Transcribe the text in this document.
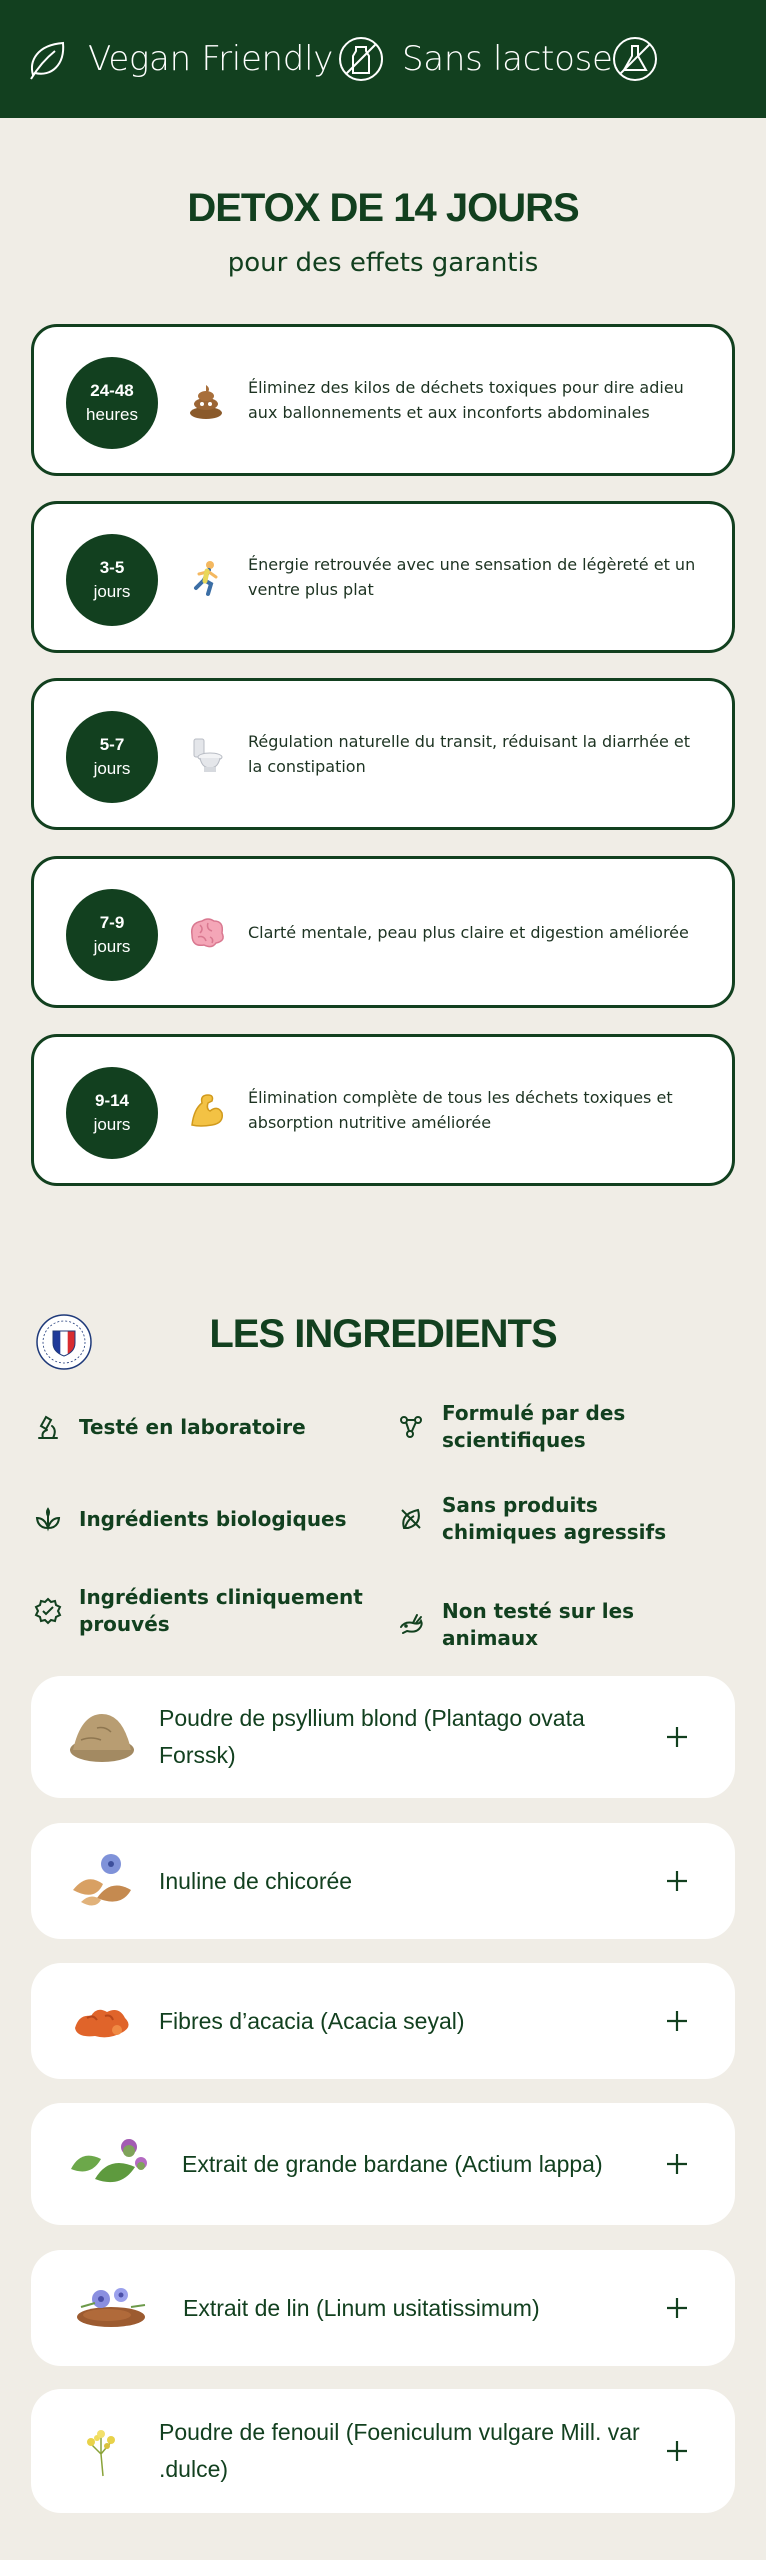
Vegan Friendly Sans lactose
DETOX DE 14 JOURS

pour des effets garantis

24-48
heures
Éliminez des kilos de déchets toxiques pour dire adieu aux ballonnements et aux inconforts abdominales
3-5
jours
Énergie retrouvée avec une sensation de légèreté et un ventre plus plat
5-7
jours
Régulation naturelle du transit, réduisant la diarrhée et la constipation
7-9
jours
Clarté mentale, peau plus claire et digestion améliorée
9-14
jours
Élimination complète de tous les déchets toxiques et absorption nutritive améliorée
LES INGREDIENTS
Testé en laboratoire
Formulé par des scientifiques
Ingrédients biologiques
Sans produits chimiques agressifs
Ingrédients cliniquement prouvés
Non testé sur les animaux
Poudre de psyllium blond (Plantago ovata Forssk)
Inuline de chicorée
Fibres d’acacia (Acacia seyal)
Extrait de grande bardane (Actium lappa)
Extrait de lin (Linum usitatissimum)
Poudre de fenouil (Foeniculum vulgare Mill. var .dulce)
